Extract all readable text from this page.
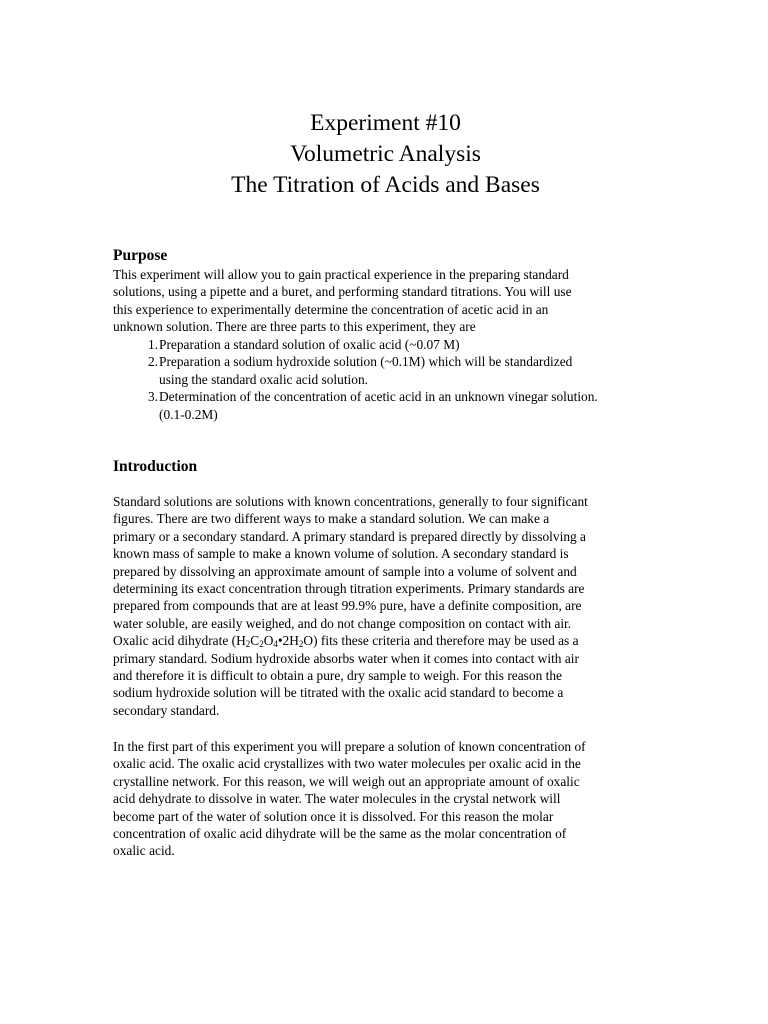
Experiment #10
Volumetric Analysis
The Titration of Acids and Bases
Purpose
This experiment will allow you to gain practical experience in the preparing standard
solutions, using a pipette and a buret, and performing standard titrations. You will use
this experience to experimentally determine the concentration of acetic acid in an
unknown solution. There are three parts to this experiment, they are
1. Preparation a standard solution of oxalic acid (~0.07 M)
2. Preparation a sodium hydroxide solution (~0.1M) which will be standardized
using the standard oxalic acid solution.
3. Determination of the concentration of acetic acid in an unknown vinegar solution.
(0.1-0.2M)
Introduction
Standard solutions are solutions with known concentrations, generally to four significant
figures. There are two different ways to make a standard solution. We can make a
primary or a secondary standard. A primary standard is prepared directly by dissolving a
known mass of sample to make a known volume of solution. A secondary standard is
prepared by dissolving an approximate amount of sample into a volume of solvent and
determining its exact concentration through titration experiments. Primary standards are
prepared from compounds that are at least 99.9% pure, have a definite composition, are
water soluble, are easily weighed, and do not change composition on contact with air.
Oxalic acid dihydrate $(H_2C_2O_4•2H_2O)$ fits these criteria and therefore may be used as a
primary standard. Sodium hydroxide absorbs water when it comes into contact with air
and therefore it is difficult to obtain a pure, dry sample to weigh. For this reason the
sodium hydroxide solution will be titrated with the oxalic acid standard to become a
secondary standard.
In the first part of this experiment you will prepare a solution of known concentration of
oxalic acid. The oxalic acid crystallizes with two water molecules per oxalic acid in the
crystalline network. For this reason, we will weigh out an appropriate amount of oxalic
acid dehydrate to dissolve in water. The water molecules in the crystal network will
become part of the water of solution once it is dissolved. For this reason the molar
concentration of oxalic acid dihydrate will be the same as the molar concentration of
oxalic acid.
